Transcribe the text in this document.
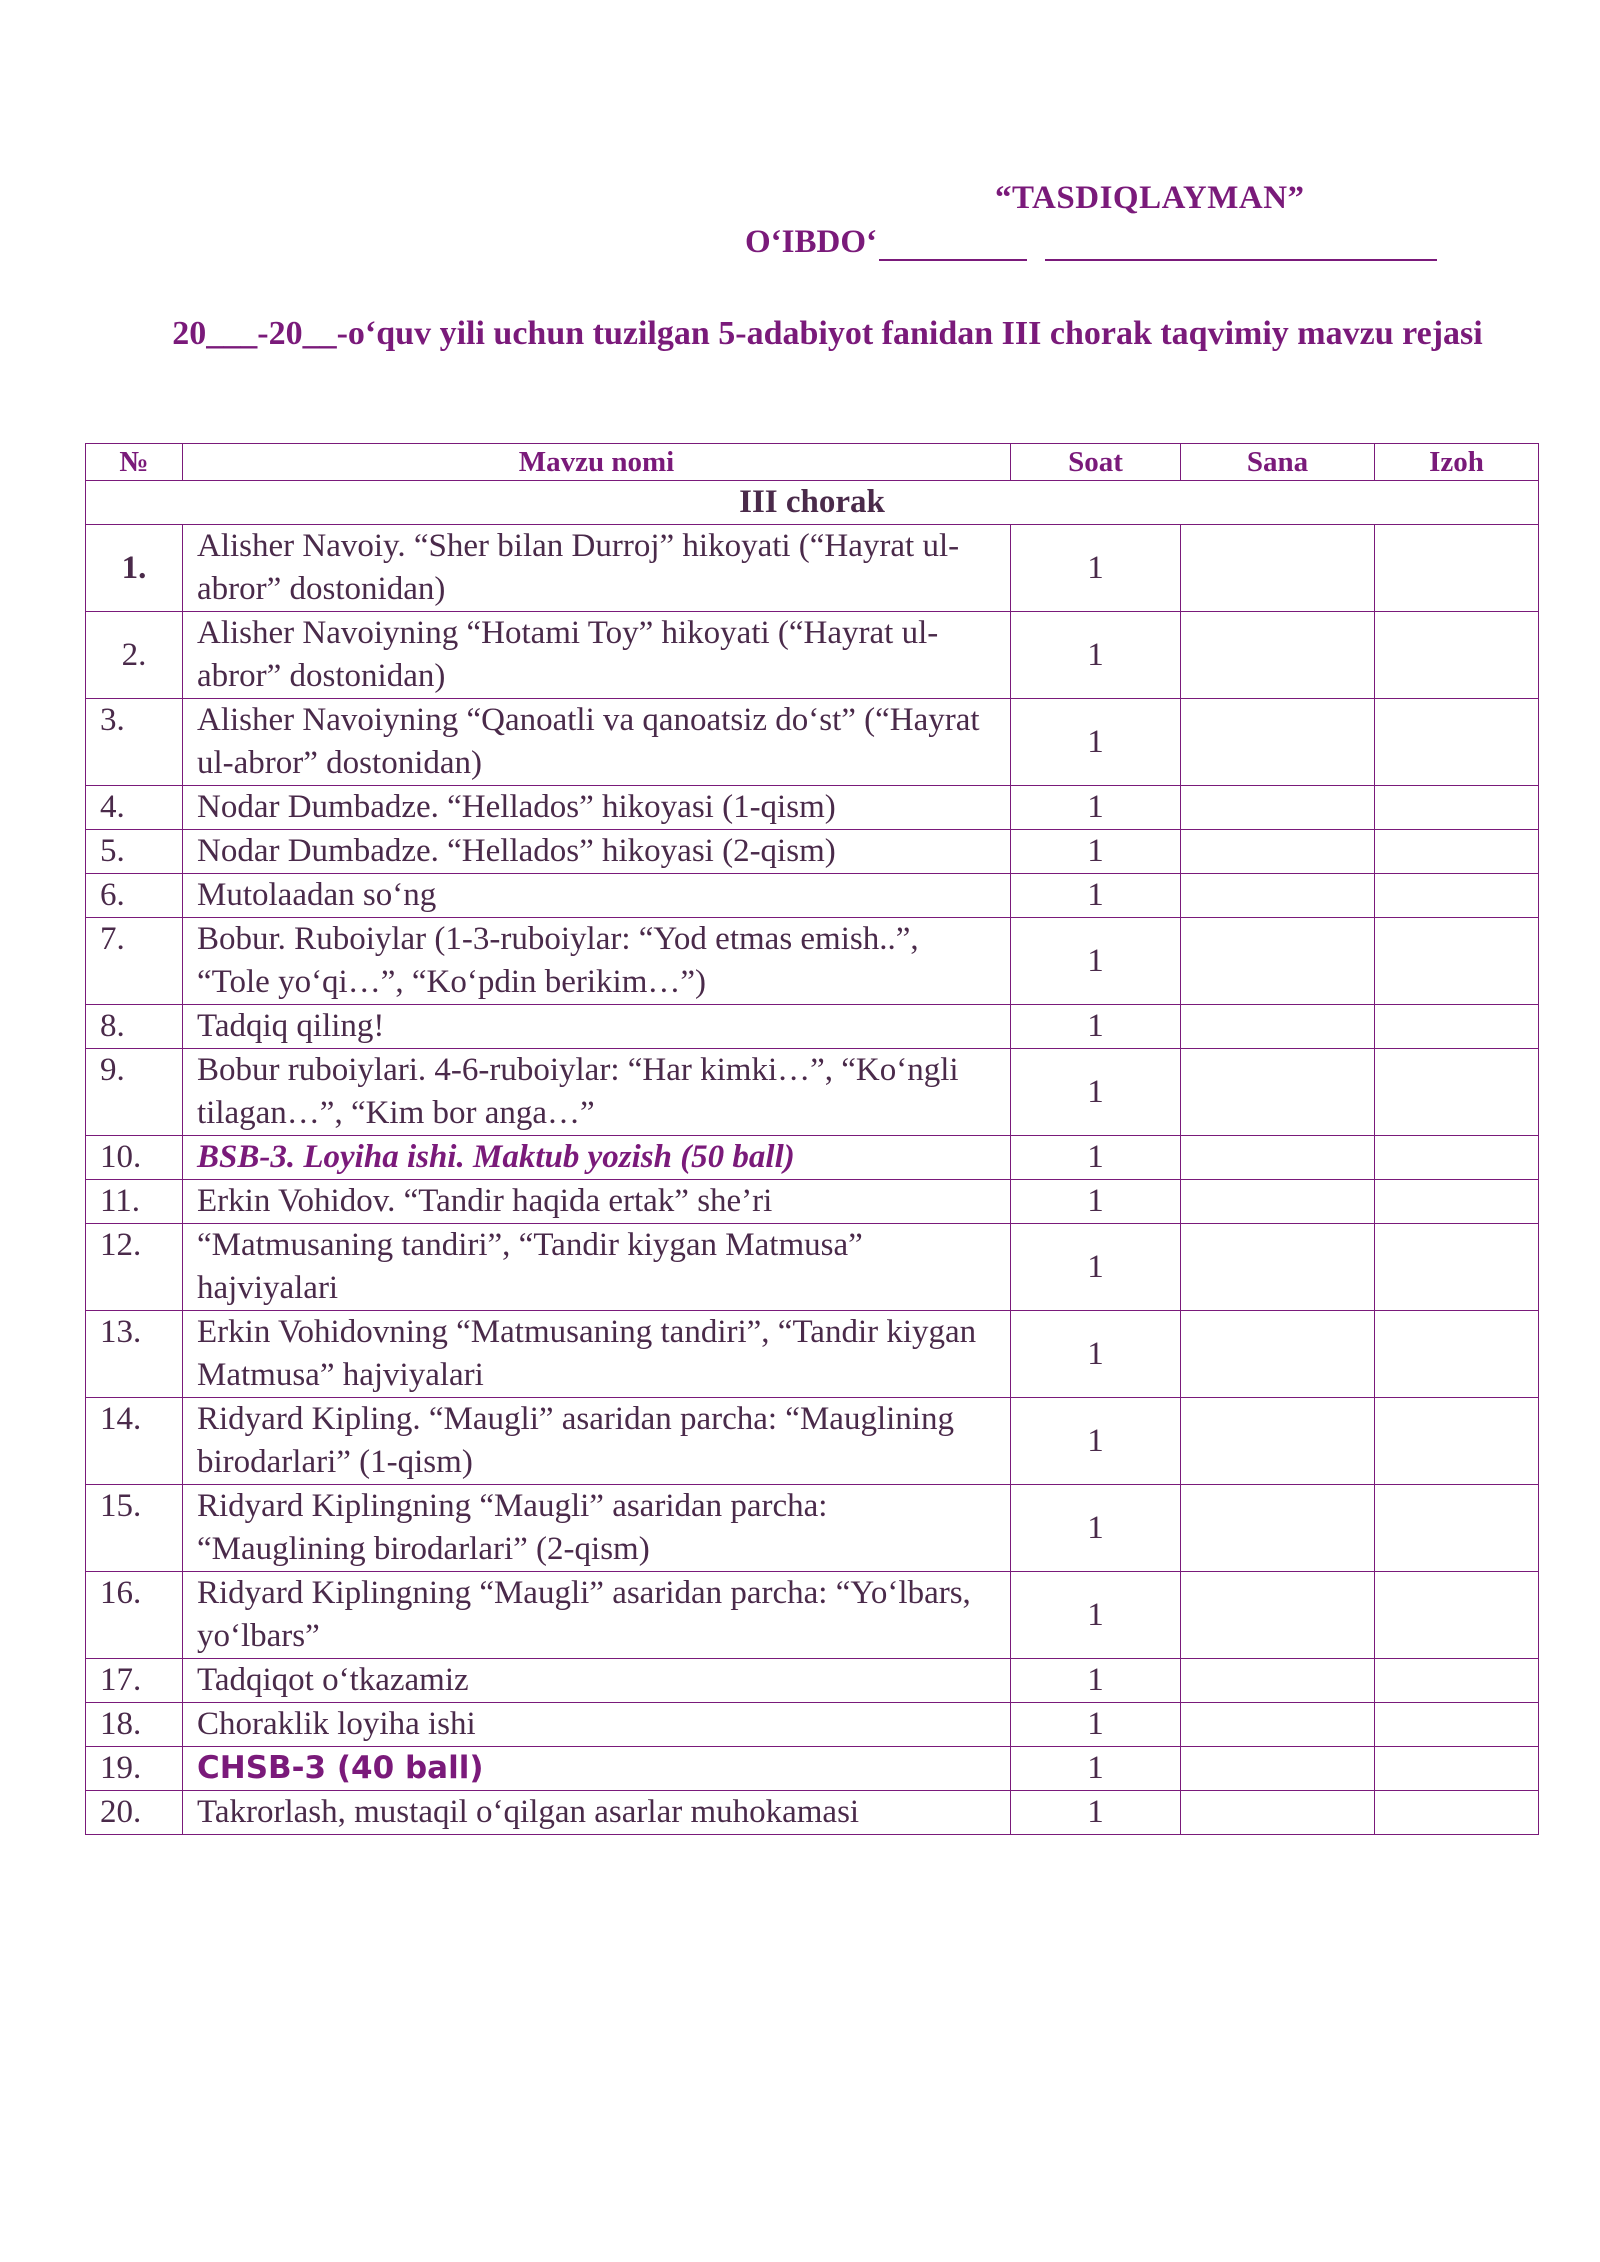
“TASDIQLAYMAN”
O‘IBDO‘
20___-20__-o‘quv yili uchun tuzilgan 5-adabiyot fanidan III chorak taqvimiy mavzu rejasi
№	Mavzu nomi	Soat	Sana	Izoh
III chorak				
1.	Alisher Navoiy. “Sher bilan Durroj” hikoyati (“Hayrat ul-abror” dostonidan)	1		
2.	Alisher Navoiyning “Hotami Toy” hikoyati (“Hayrat ul-abror” dostonidan)	1		
3.	Alisher Navoiyning “Qanoatli va qanoatsiz do‘st” (“Hayrat ul-abror” dostonidan)	1		
4.	Nodar Dumbadze. “Hellados” hikoyasi (1-qism)	1		
5.	Nodar Dumbadze. “Hellados” hikoyasi (2-qism)	1		
6.	Mutolaadan so‘ng	1		
7.	Bobur. Ruboiylar (1-3-ruboiylar: “Yod etmas emish..”, “Tole yo‘qi…”, “Ko‘pdin berikim…”)	1		
8.	Tadqiq qiling!	1		
9.	Bobur ruboiylari. 4-6-ruboiylar: “Har kimki…”, “Ko‘ngli tilagan…”, “Kim bor anga…”	1		
10.	BSB-3. Loyiha ishi. Maktub yozish (50 ball)	1		
11.	Erkin Vohidov. “Tandir haqida ertak” she’ri	1		
12.	“Matmusaning tandiri”, “Tandir kiygan Matmusa” hajviyalari	1		
13.	Erkin Vohidovning “Matmusaning tandiri”, “Tandir kiygan Matmusa” hajviyalari	1		
14.	Ridyard Kipling. “Maugli” asaridan parcha: “Mauglining birodarlari” (1-qism)	1		
15.	Ridyard Kiplingning “Maugli” asaridan parcha: “Mauglining birodarlari” (2-qism)	1		
16.	Ridyard Kiplingning “Maugli” asaridan parcha: “Yo‘lbars, yo‘lbars”	1		
17.	Tadqiqot o‘tkazamiz	1		
18.	Choraklik loyiha ishi	1		
19.	CHSB-3 (40 ball)	1		
20.	Takrorlash, mustaqil o‘qilgan asarlar muhokamasi	1		
